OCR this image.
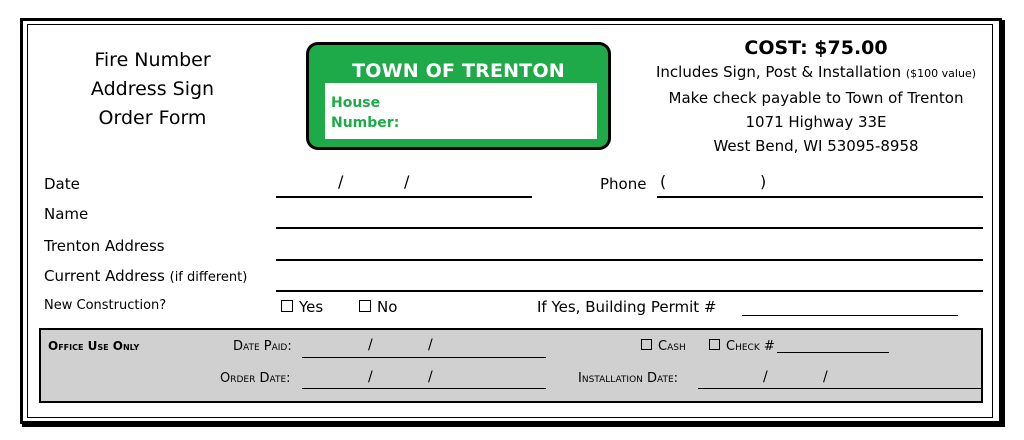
Fire Number
Address Sign
Order Form
TOWN OF TRENTON
House
Number:
COST: $75.00
Includes Sign, Post & Installation ($100 value)
Make check payable to Town of Trenton
1071 Highway 33E
West Bend, WI 53095-8958
Date	/	/	Phone (	)
Name
Trenton Address
Current Address (if different)
New Construction?	Yes	No	If Yes, Building Permit #
Office Use Only	Date Paid:	/	/	Cash	Check #
Order Date:	/	/	Installation Date:	/	/
